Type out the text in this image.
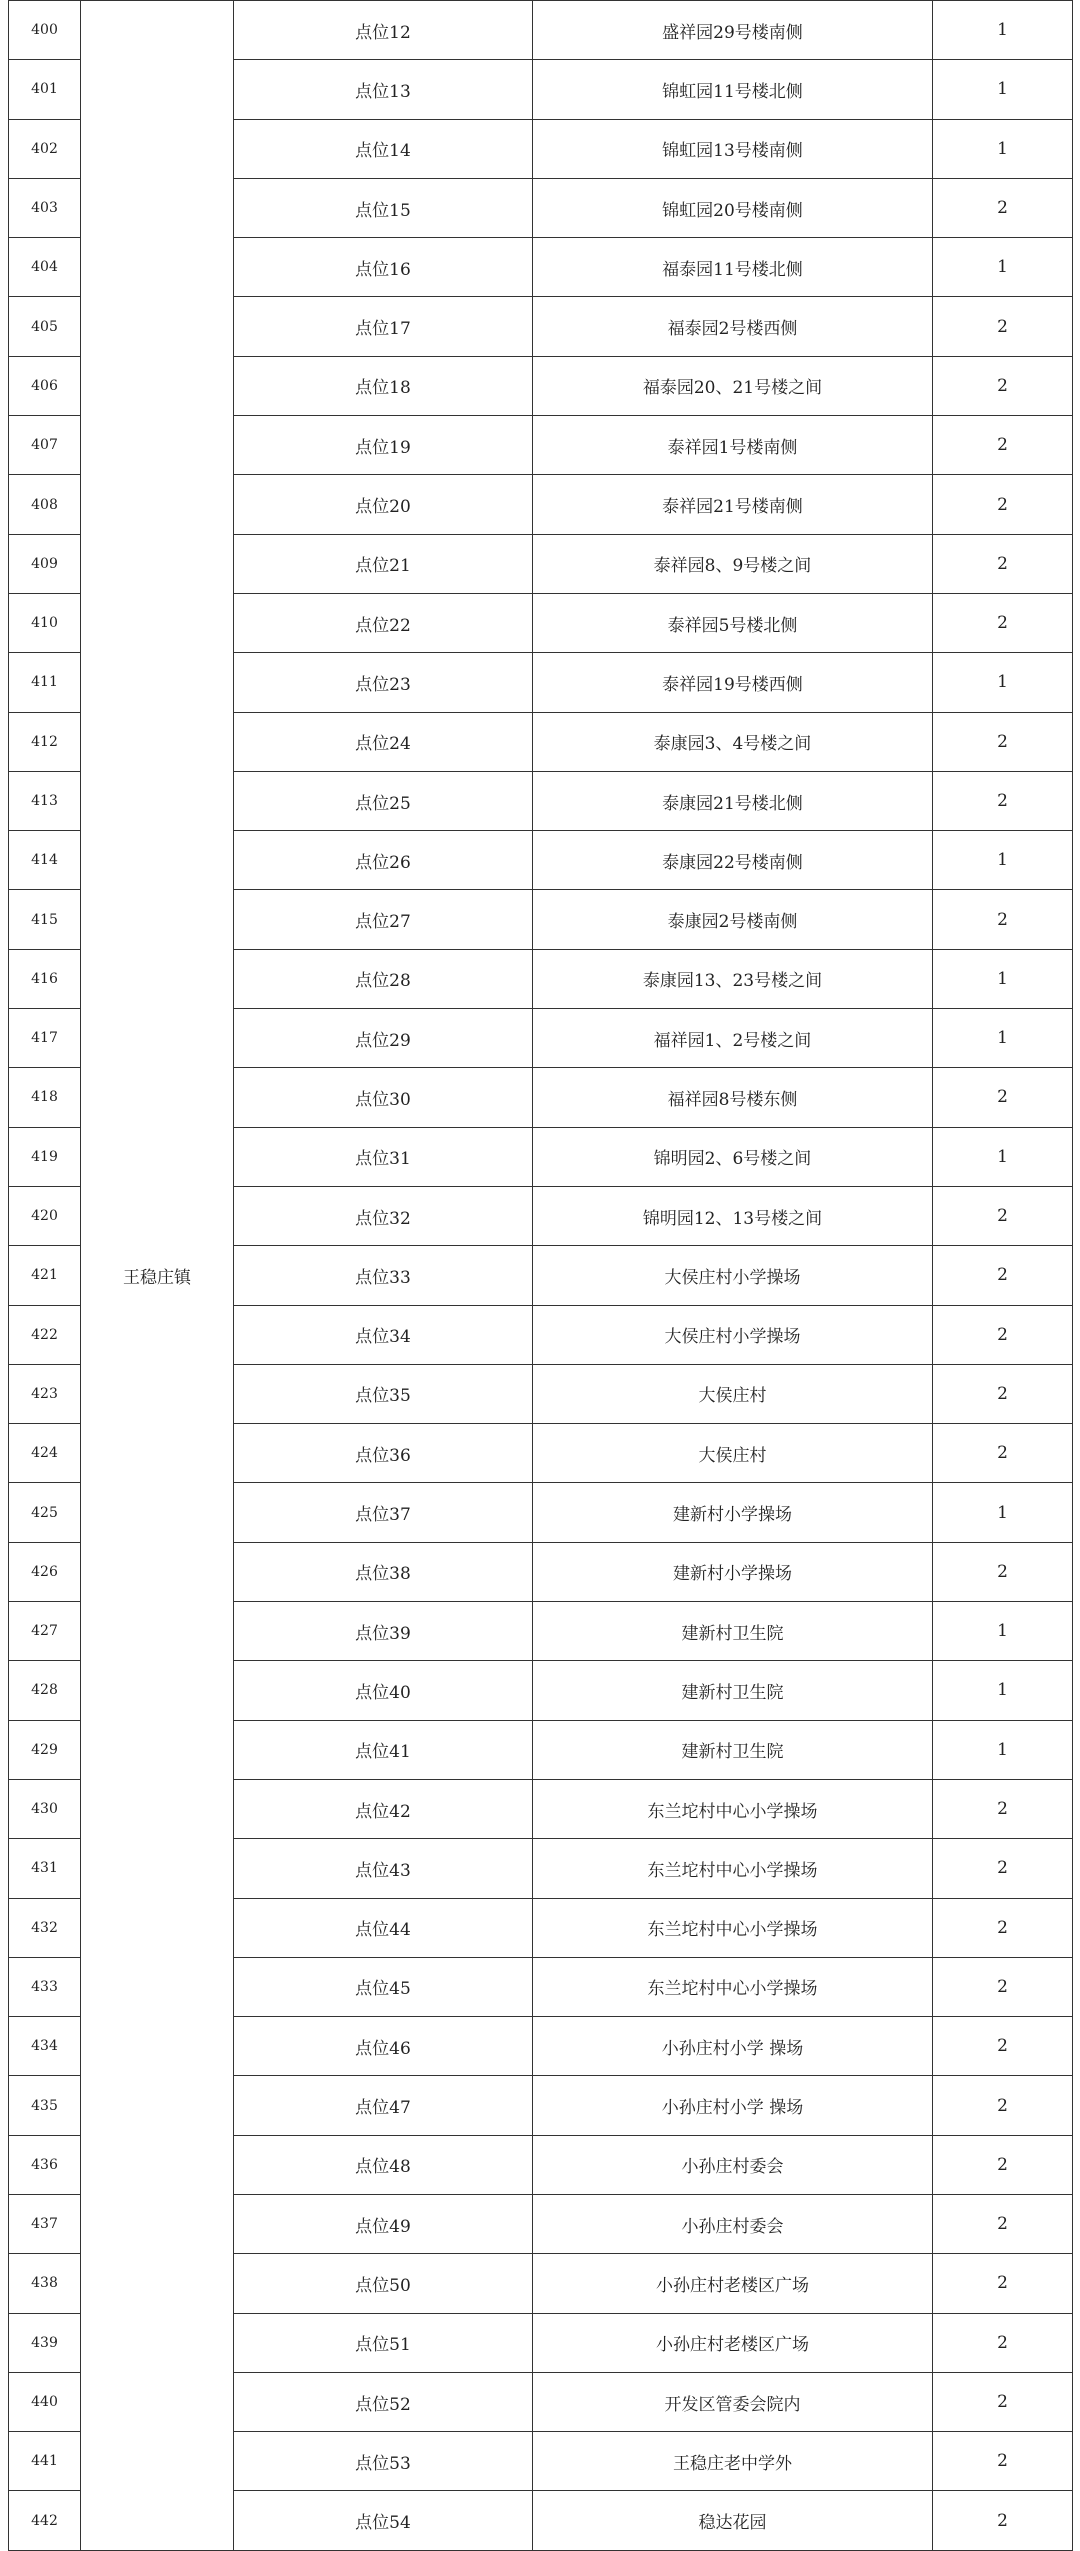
400	王稳庄镇	点位12	盛祥园29号楼南侧	1
401		点位13	锦虹园11号楼北侧	1
402		点位14	锦虹园13号楼南侧	1
403		点位15	锦虹园20号楼南侧	2
404		点位16	福泰园11号楼北侧	1
405		点位17	福泰园2号楼西侧	2
406		点位18	福泰园20、21号楼之间	2
407		点位19	泰祥园1号楼南侧	2
408		点位20	泰祥园21号楼南侧	2
409		点位21	泰祥园8、9号楼之间	2
410		点位22	泰祥园5号楼北侧	2
411		点位23	泰祥园19号楼西侧	1
412		点位24	泰康园3、4号楼之间	2
413		点位25	泰康园21号楼北侧	2
414		点位26	泰康园22号楼南侧	1
415		点位27	泰康园2号楼南侧	2
416		点位28	泰康园13、23号楼之间	1
417		点位29	福祥园1、2号楼之间	1
418		点位30	福祥园8号楼东侧	2
419		点位31	锦明园2、6号楼之间	1
420		点位32	锦明园12、13号楼之间	2
421		点位33	大侯庄村小学操场	2
422		点位34	大侯庄村小学操场	2
423		点位35	大侯庄村	2
424		点位36	大侯庄村	2
425		点位37	建新村小学操场	1
426		点位38	建新村小学操场	2
427		点位39	建新村卫生院	1
428		点位40	建新村卫生院	1
429		点位41	建新村卫生院	1
430		点位42	东兰坨村中心小学操场	2
431		点位43	东兰坨村中心小学操场	2
432		点位44	东兰坨村中心小学操场	2
433		点位45	东兰坨村中心小学操场	2
434		点位46	小孙庄村小学 操场	2
435		点位47	小孙庄村小学 操场	2
436		点位48	小孙庄村委会	2
437		点位49	小孙庄村委会	2
438		点位50	小孙庄村老楼区广场	2
439		点位51	小孙庄村老楼区广场	2
440		点位52	开发区管委会院内	2
441		点位53	王稳庄老中学外	2
442		点位54	稳达花园	2
